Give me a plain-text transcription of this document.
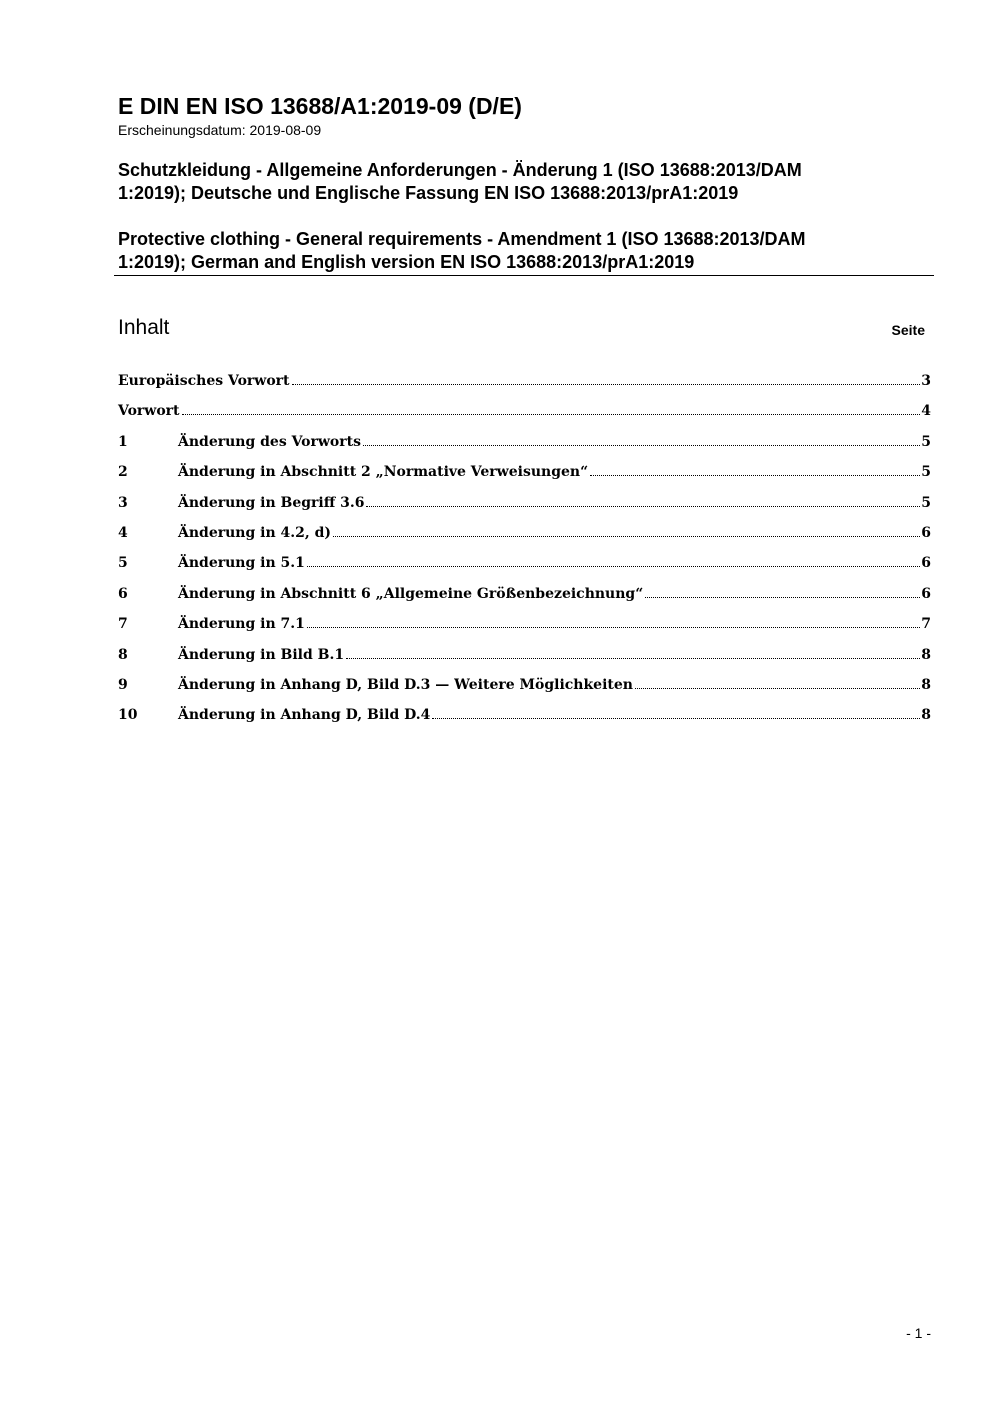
E DIN EN ISO 13688/A1:2019-09 (D/E)
Erscheinungsdatum: 2019-08-09
Schutzkleidung - Allgemeine Anforderungen - Änderung 1 (ISO 13688:2013/DAM
1:2019); Deutsche und Englische Fassung EN ISO 13688:2013/prA1:2019
Protective clothing - General requirements - Amendment 1 (ISO 13688:2013/DAM
1:2019); German and English version EN ISO 13688:2013/prA1:2019
Inhalt	Seite
Europäisches Vorwort	3
Vorwort	4
1	Änderung des Vorworts	5
2	Änderung in Abschnitt 2 „Normative Verweisungen“	5
3	Änderung in Begriff 3.6	5
4	Änderung in 4.2, d)	6
5	Änderung in 5.1	6
6	Änderung in Abschnitt 6 „Allgemeine Größenbezeichnung“	6
7	Änderung in 7.1	7
8	Änderung in Bild B.1	8
9	Änderung in Anhang D, Bild D.3 — Weitere Möglichkeiten	8
10	Änderung in Anhang D, Bild D.4	8
- 1 -
